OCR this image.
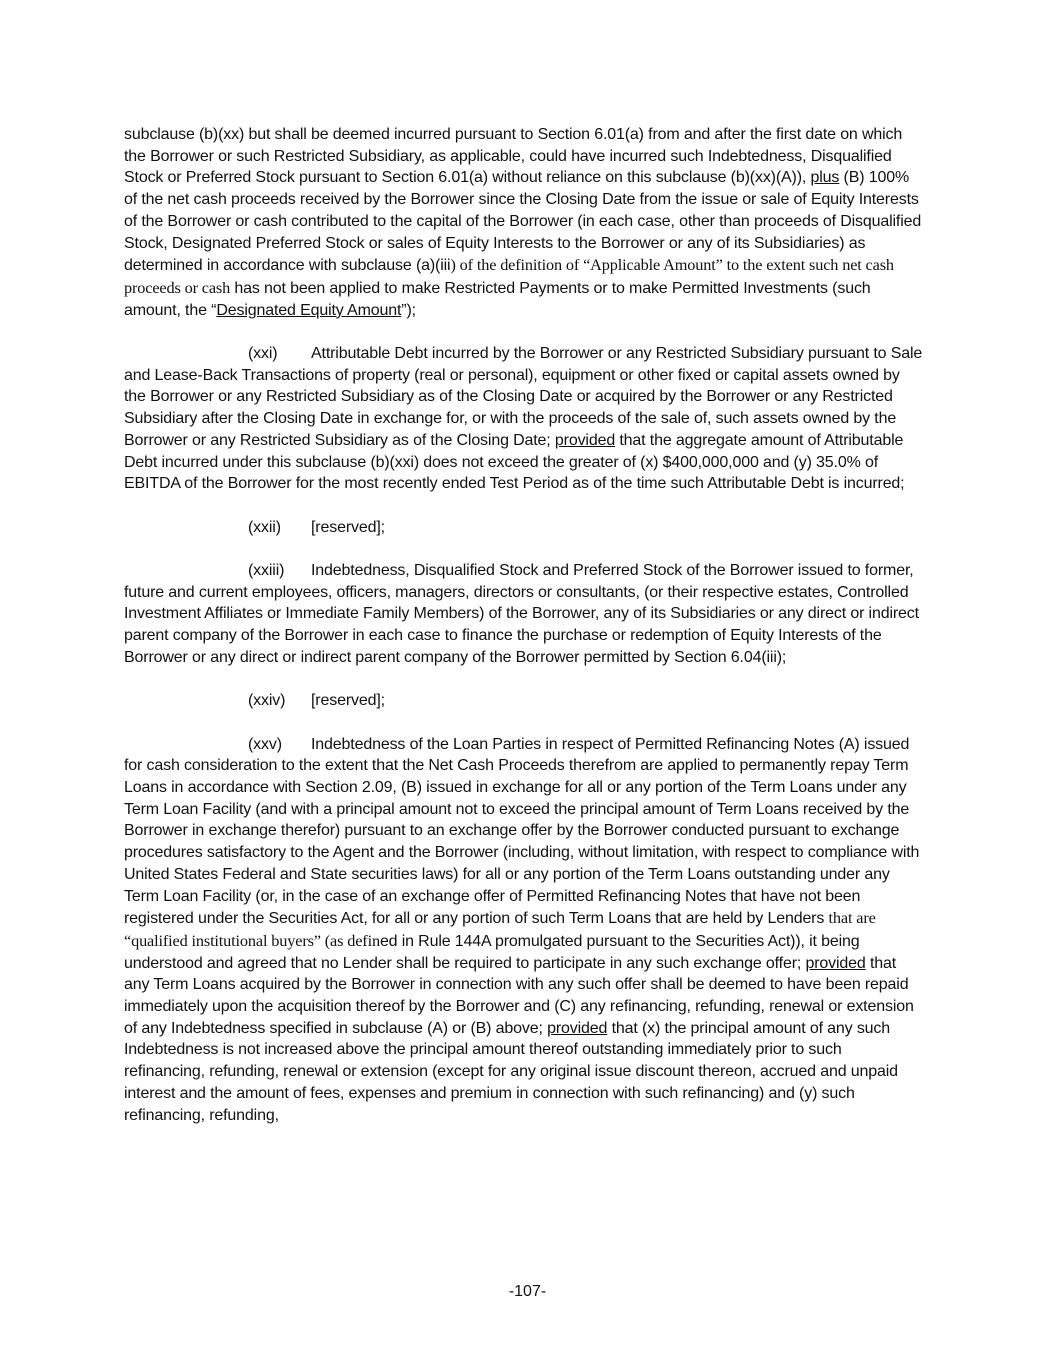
subclause (b)(xx) but shall be deemed incurred pursuant to Section 6.01(a) from and after the first date on which the Borrower or such Restricted Subsidiary, as applicable, could have incurred such Indebtedness, Disqualified Stock or Preferred Stock pursuant to Section 6.01(a) without reliance on this subclause (b)(xx)(A)), plus (B) 100% of the net cash proceeds received by the Borrower since the Closing Date from the issue or sale of Equity Interests of the Borrower or cash contributed to the capital of the Borrower (in each case, other than proceeds of Disqualified Stock, Designated Preferred Stock or sales of Equity Interests to the Borrower or any of its Subsidiaries) as determined in accordance with subclause (a)(iii) of the definition of “Applicable Amount” to the extent such net cash proceeds or cash has not been applied to make Restricted Payments or to make Permitted Investments (such amount, the “Designated Equity Amount”);

(xxi) Attributable Debt incurred by the Borrower or any Restricted Subsidiary pursuant to Sale and Lease-Back Transactions of property (real or personal), equipment or other fixed or capital assets owned by the Borrower or any Restricted Subsidiary as of the Closing Date or acquired by the Borrower or any Restricted Subsidiary after the Closing Date in exchange for, or with the proceeds of the sale of, such assets owned by the Borrower or any Restricted Subsidiary as of the Closing Date; provided that the aggregate amount of Attributable Debt incurred under this subclause (b)(xxi) does not exceed the greater of (x) $400,000,000 and (y) 35.0% of EBITDA of the Borrower for the most recently ended Test Period as of the time such Attributable Debt is incurred;

(xxii) [reserved];

(xxiii) Indebtedness, Disqualified Stock and Preferred Stock of the Borrower issued to former, future and current employees, officers, managers, directors or consultants, (or their respective estates, Controlled Investment Affiliates or Immediate Family Members) of the Borrower, any of its Subsidiaries or any direct or indirect parent company of the Borrower in each case to finance the purchase or redemption of Equity Interests of the Borrower or any direct or indirect parent company of the Borrower permitted by Section 6.04(iii);

(xxiv) [reserved];

(xxv) Indebtedness of the Loan Parties in respect of Permitted Refinancing Notes (A) issued for cash consideration to the extent that the Net Cash Proceeds therefrom are applied to permanently repay Term Loans in accordance with Section 2.09, (B) issued in exchange for all or any portion of the Term Loans under any Term Loan Facility (and with a principal amount not to exceed the principal amount of Term Loans received by the Borrower in exchange therefor) pursuant to an exchange offer by the Borrower conducted pursuant to exchange procedures satisfactory to the Agent and the Borrower (including, without limitation, with respect to compliance with United States Federal and State securities laws) for all or any portion of the Term Loans outstanding under any Term Loan Facility (or, in the case of an exchange offer of Permitted Refinancing Notes that have not been registered under the Securities Act, for all or any portion of such Term Loans that are held by Lenders that are “qualified institutional buyers” (as defined in Rule 144A promulgated pursuant to the Securities Act)), it being understood and agreed that no Lender shall be required to participate in any such exchange offer; provided that any Term Loans acquired by the Borrower in connection with any such offer shall be deemed to have been repaid immediately upon the acquisition thereof by the Borrower and (C) any refinancing, refunding, renewal or extension of any Indebtedness specified in subclause (A) or (B) above; provided that (x) the principal amount of any such Indebtedness is not increased above the principal amount thereof outstanding immediately prior to such refinancing, refunding, renewal or extension (except for any original issue discount thereon, accrued and unpaid interest and the amount of fees, expenses and premium in connection with such refinancing) and (y) such refinancing, refunding,

-107-
